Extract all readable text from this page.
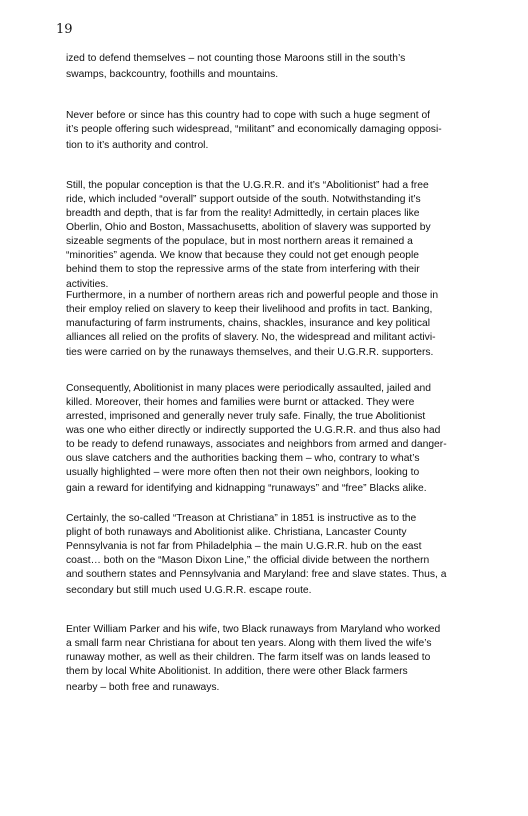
19
ized to defend themselves – not counting those Maroons still in the south’s
swamps, backcountry, foothills and mountains.
Never before or since has this country had to cope with such a huge segment of
it’s people offering such widespread, “militant” and economically damaging opposi-
tion to it’s authority and control.
Still, the popular conception is that the U.G.R.R. and it’s “Abolitionist” had a free
ride, which included “overall” support outside of the south. Notwithstanding it’s
breadth and depth, that is far from the reality! Admittedly, in certain places like
Oberlin, Ohio and Boston, Massachusetts, abolition of slavery was supported by
sizeable segments of the populace, but in most northern areas it remained a
“minorities” agenda. We know that because they could not get enough people
behind them to stop the repressive arms of the state from interfering with their
activities.
Furthermore, in a number of northern areas rich and powerful people and those in
their employ relied on slavery to keep their livelihood and profits in tact. Banking,
manufacturing of farm instruments, chains, shackles, insurance and key political
alliances all relied on the profits of slavery. No, the widespread and militant activi-
ties were carried on by the runaways themselves, and their U.G.R.R. supporters.
Consequently, Abolitionist in many places were periodically assaulted, jailed and
killed. Moreover, their homes and families were burnt or attacked. They were
arrested, imprisoned and generally never truly safe. Finally, the true Abolitionist
was one who either directly or indirectly supported the U.G.R.R. and thus also had
to be ready to defend runaways, associates and neighbors from armed and danger-
ous slave catchers and the authorities backing them – who, contrary to what’s
usually highlighted – were more often then not their own neighbors, looking to
gain a reward for identifying and kidnapping “runaways” and “free” Blacks alike.
Certainly, the so-called “Treason at Christiana” in 1851 is instructive as to the
plight of both runaways and Abolitionist alike. Christiana, Lancaster County
Pennsylvania is not far from Philadelphia – the main U.G.R.R. hub on the east
coast… both on the “Mason Dixon Line,” the official divide between the northern
and southern states and Pennsylvania and Maryland: free and slave states. Thus, a
secondary but still much used U.G.R.R. escape route.
Enter William Parker and his wife, two Black runaways from Maryland who worked
a small farm near Christiana for about ten years. Along with them lived the wife’s
runaway mother, as well as their children. The farm itself was on lands leased to
them by local White Abolitionist. In addition, there were other Black farmers
nearby – both free and runaways.
